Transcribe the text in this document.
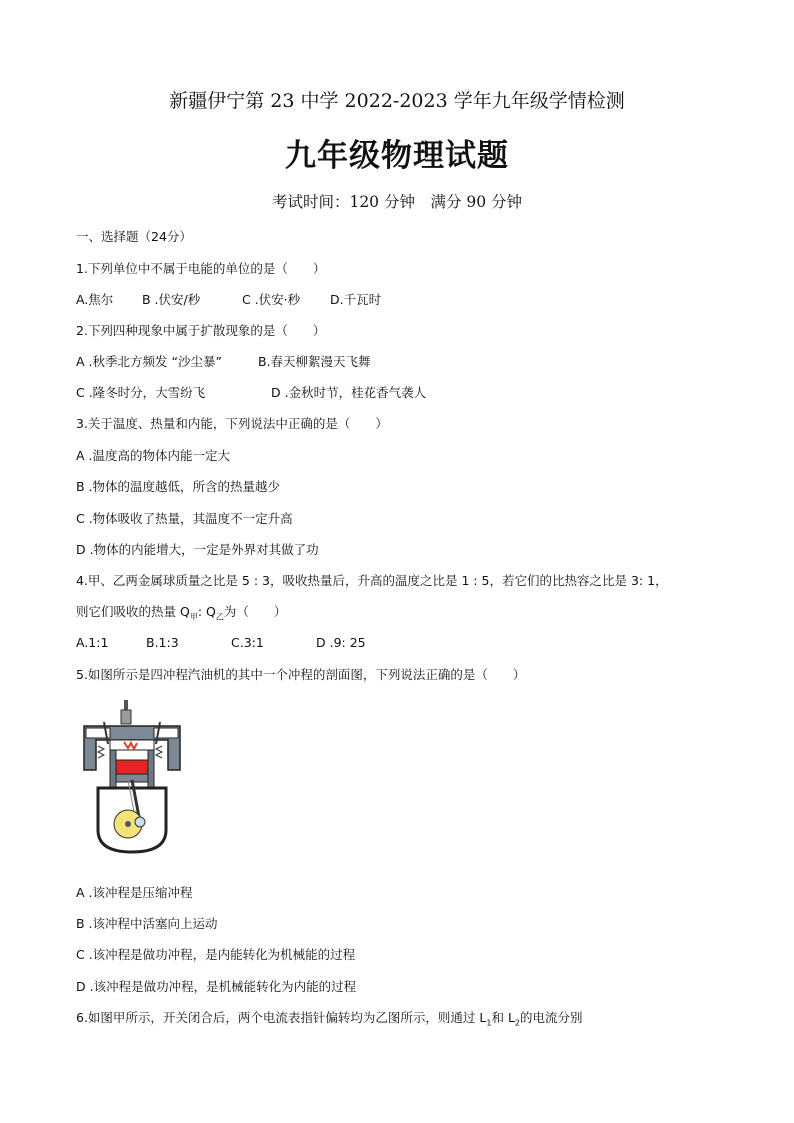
新疆伊宁第 23 中学 2022-2023 学年九年级学情检测
九年级物理试题
考试时间：120 分钟　满分 90 分钟
一、选择题（24分）
1.下列单位中不属于电能的单位的是（　　）
A.焦尔 B .伏安/秒	C .伏安·秒 D.千瓦时
2.下列四种现象中属于扩散现象的是（　　）
A .秋季北方频发 “沙尘暴”	B.春天柳絮漫天飞舞
C .隆冬时分，大雪纷飞	D .金秋时节，桂花香气袭人
3.关于温度、热量和内能，下列说法中正确的是（　　）
A .温度高的物体内能一定大
B .物体的温度越低，所含的热量越少
C .物体吸收了热量，其温度不一定升高
D .物体的内能增大，一定是外界对其做了功
4.甲、乙两金属球质量之比是 5 : 3，吸收热量后，升高的温度之比是 1 : 5，若它们的比热容之比是 3: 1，
则它们吸收的热量 $Q_甲$: $Q_乙$为（　　）
A.1:1	B.1:3	C.3:1	D .9: 25
5.如图所示是四冲程汽油机的其中一个冲程的剖面图，下列说法正确的是（　　）
A .该冲程是压缩冲程
B .该冲程中活塞向上运动
C .该冲程是做功冲程，是内能转化为机械能的过程
D .该冲程是做功冲程，是机械能转化为内能的过程
6.如图甲所示，开关闭合后，两个电流表指针偏转均为乙图所示，则通过 $L_1$和 $L_2$的电流分别
